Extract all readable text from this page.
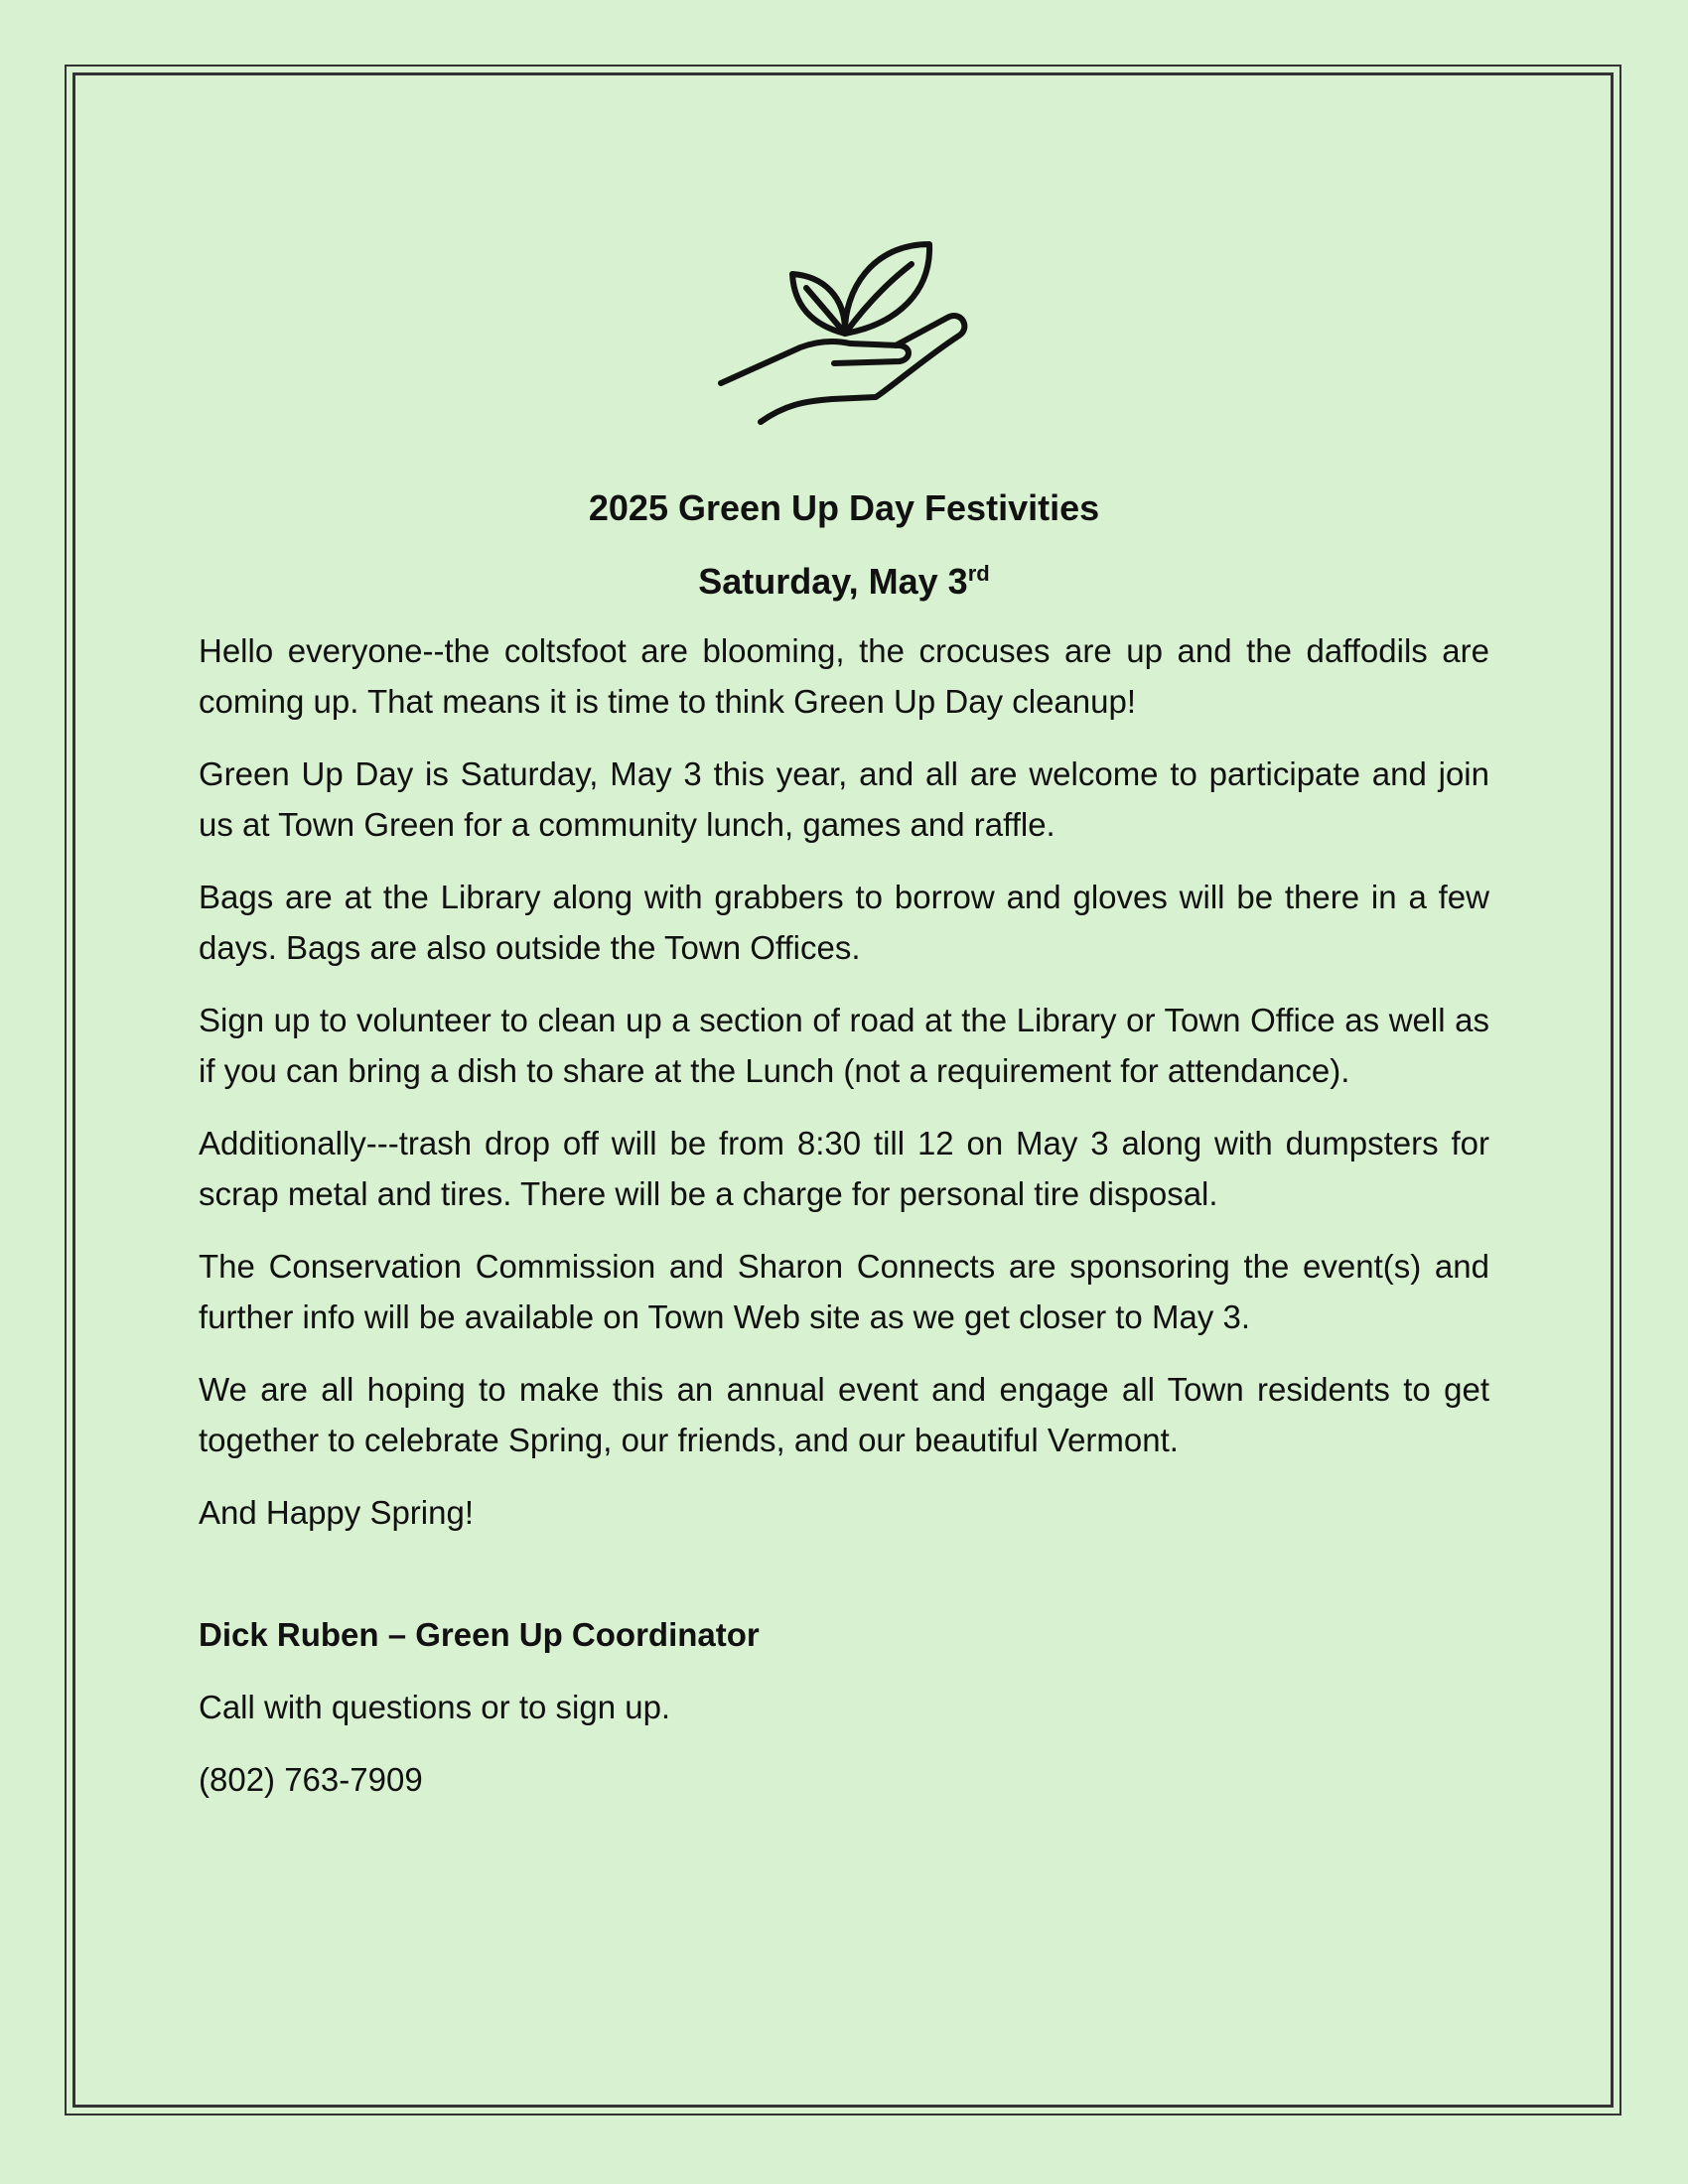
2025 Green Up Day Festivities
Saturday, May 3rd

Hello everyone--the coltsfoot are blooming, the crocuses are up and the daffodils are coming up. That means it is time to think Green Up Day cleanup!

Green Up Day is Saturday, May 3 this year, and all are welcome to participate and join us at Town Green for a community lunch, games and raffle.

Bags are at the Library along with grabbers to borrow and gloves will be there in a few days. Bags are also outside the Town Offices.

Sign up to volunteer to clean up a section of road at the Library or Town Office as well as if you can bring a dish to share at the Lunch (not a requirement for attendance).

Additionally---trash drop off will be from 8:30 till 12 on May 3 along with dumpsters for scrap metal and tires. There will be a charge for personal tire disposal.

The Conservation Commission and Sharon Connects are sponsoring the event(s) and further info will be available on Town Web site as we get closer to May 3.

We are all hoping to make this an annual event and engage all Town residents to get together to celebrate Spring, our friends, and our beautiful Vermont.

And Happy Spring!

Dick Ruben – Green Up Coordinator

Call with questions or to sign up.

(802) 763-7909
